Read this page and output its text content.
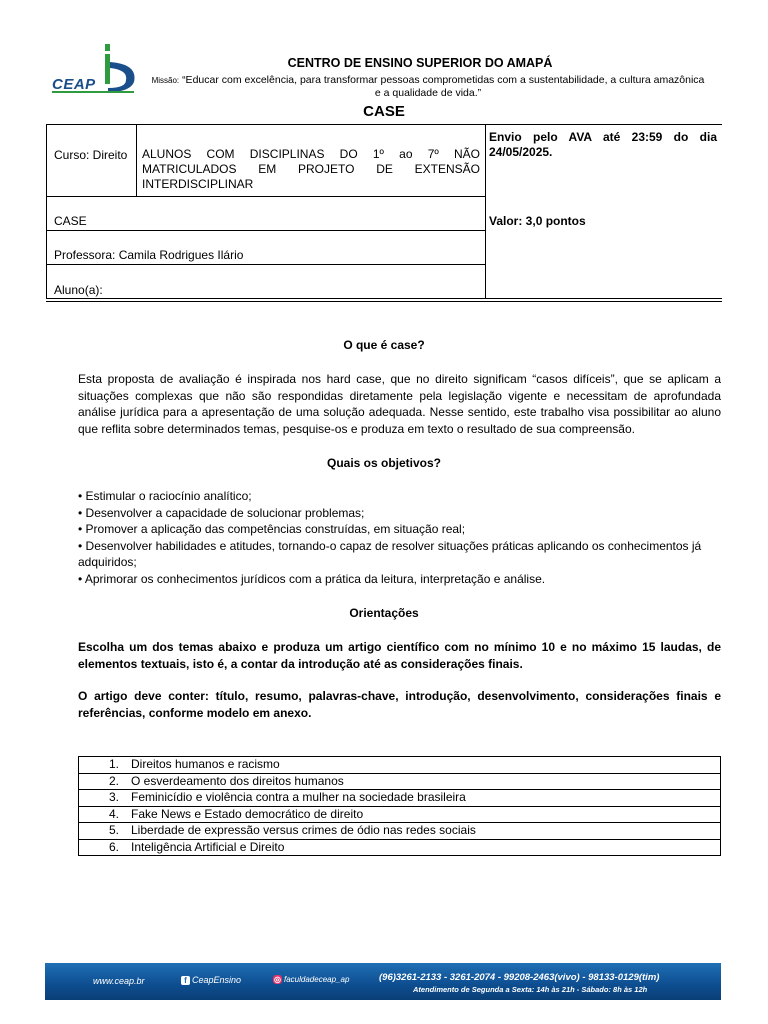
CEAP
CENTRO DE ENSINO SUPERIOR DO AMAPÁ
Missão: “Educar com excelência, para transformar pessoas comprometidas com a sustentabilidade, a cultura amazônica
e a qualidade de vida.”
CASE
Curso: Direito ALUNOS COM DISCIPLINAS DO 1º ao 7º NÃO
MATRICULADOS EM PROJETO DE EXTENSÃO
INTERDISCIPLINAR
CASE
Professora: Camila Rodrigues Ilário
Aluno(a):
Envio pelo AVA até 23:59 do dia
24/05/2025.
Valor: 3,0 pontos
O que é case?
Esta proposta de avaliação é inspirada nos hard case, que no direito significam “casos difíceis”, que se aplicam a situações complexas que não são respondidas diretamente pela legislação vigente e necessitam de aprofundada análise jurídica para a apresentação de uma solução adequada. Nesse sentido, este trabalho visa possibilitar ao aluno que reflita sobre determinados temas, pesquise-os e produza em texto o resultado de sua compreensão.
Quais os objetivos?
• Estimular o raciocínio analítico;
• Desenvolver a capacidade de solucionar problemas;
• Promover a aplicação das competências construídas, em situação real;
• Desenvolver habilidades e atitudes, tornando-o capaz de resolver situações práticas aplicando os conhecimentos já adquiridos;
• Aprimorar os conhecimentos jurídicos com a prática da leitura, interpretação e análise.
Orientações
Escolha um dos temas abaixo e produza um artigo científico com no mínimo 10 e no máximo 15 laudas, de elementos textuais, isto é, a contar da introdução até as considerações finais.
O artigo deve conter: título, resumo, palavras-chave, introdução, desenvolvimento, considerações finais e referências, conforme modelo em anexo.
1. Direitos humanos e racismo
2. O esverdeamento dos direitos humanos
3. Feminicídio e violência contra a mulher na sociedade brasileira
4. Fake News e Estado democrático de direito
5. Liberdade de expressão versus crimes de ódio nas redes sociais
6. Inteligência Artificial e Direito
www.ceap.br	f CeapEnsino	◎ faculdadeceap_ap	(96)3261-2133 - 3261-2074 - 99208-2463(vivo) - 98133-0129(tim)
Atendimento de Segunda a Sexta: 14h às 21h - Sábado: 8h às 12h
